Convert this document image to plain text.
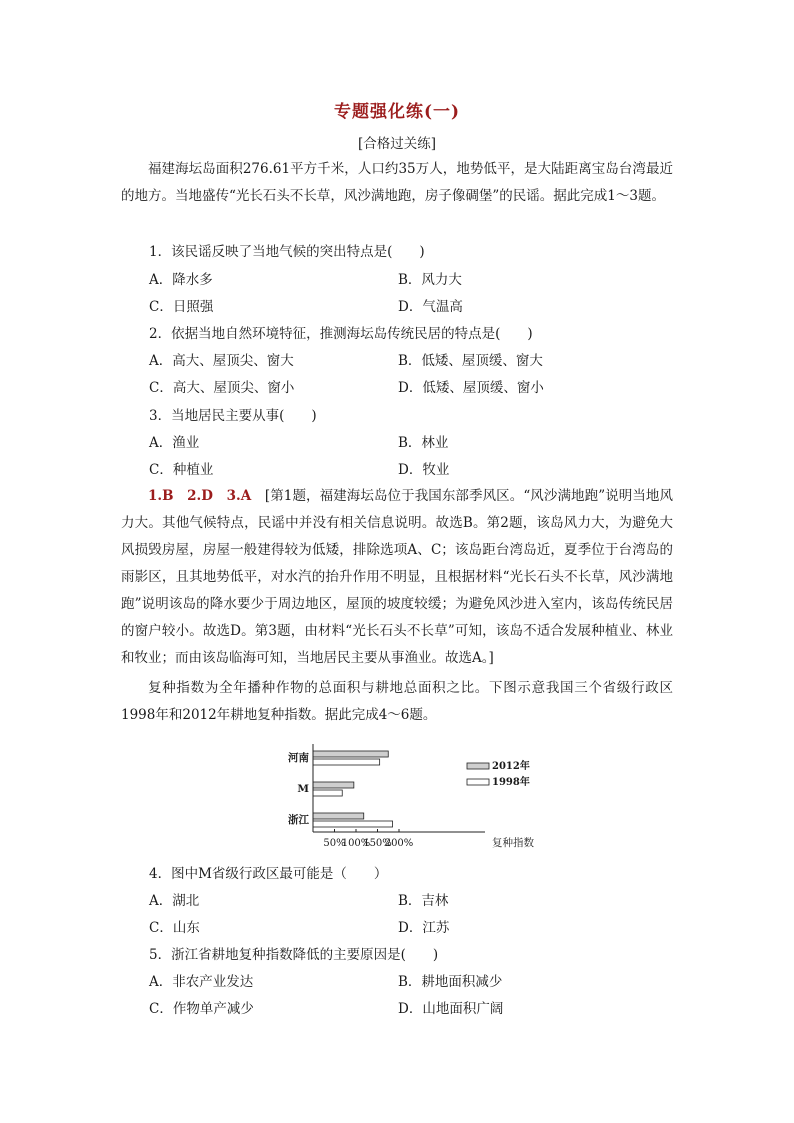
专题强化练(一)
[合格过关练]

福建海坛岛面积276.61平方千米，人口约35万人，地势低平，是大陆距离宝岛台湾最近的地方。当地盛传“光长石头不长草，风沙满地跑，房子像碉堡”的民谣。据此完成1～3题。

1．该民谣反映了当地气候的突出特点是(　　)
A．降水多	B．风力大
C．日照强	D．气温高
2．依据当地自然环境特征，推测海坛岛传统民居的特点是(　　)
A．高大、屋顶尖、窗大	B．低矮、屋顶缓、窗大
C．高大、屋顶尖、窗小	D．低矮、屋顶缓、窗小
3．当地居民主要从事(　　)
A．渔业	B．林业
C．种植业	D．牧业

1.B　2.D　3.A　 [第1题，福建海坛岛位于我国东部季风区。“风沙满地跑”说明当地风力大。其他气候特点，民谣中并没有相关信息说明。故选B。第2题，该岛风力大，为避免大风损毁房屋，房屋一般建得较为低矮，排除选项A、C；该岛距台湾岛近，夏季位于台湾岛的雨影区，且其地势低平，对水汽的抬升作用不明显，且根据材料“光长石头不长草，风沙满地跑”说明该岛的降水要少于周边地区，屋顶的坡度较缓；为避免风沙进入室内，该岛传统民居的窗户较小。故选D。第3题，由材料“光长石头不长草”可知，该岛不适合发展种植业、林业和牧业；而由该岛临海可知，当地居民主要从事渔业。故选A。]

复种指数为全年播种作物的总面积与耕地总面积之比。下图示意我国三个省级行政区1998年和2012年耕地复种指数。据此完成4～6题。

河南
M
浙江
50%
100%
150%
200%	复种指数
2012年
1998年
4．图中M省级行政区最可能是（　　）
A．湖北	B．吉林
C．山东	D．江苏
5．浙江省耕地复种指数降低的主要原因是(　　)
A．非农产业发达	B．耕地面积减少
C．作物单产减少	D．山地面积广阔
